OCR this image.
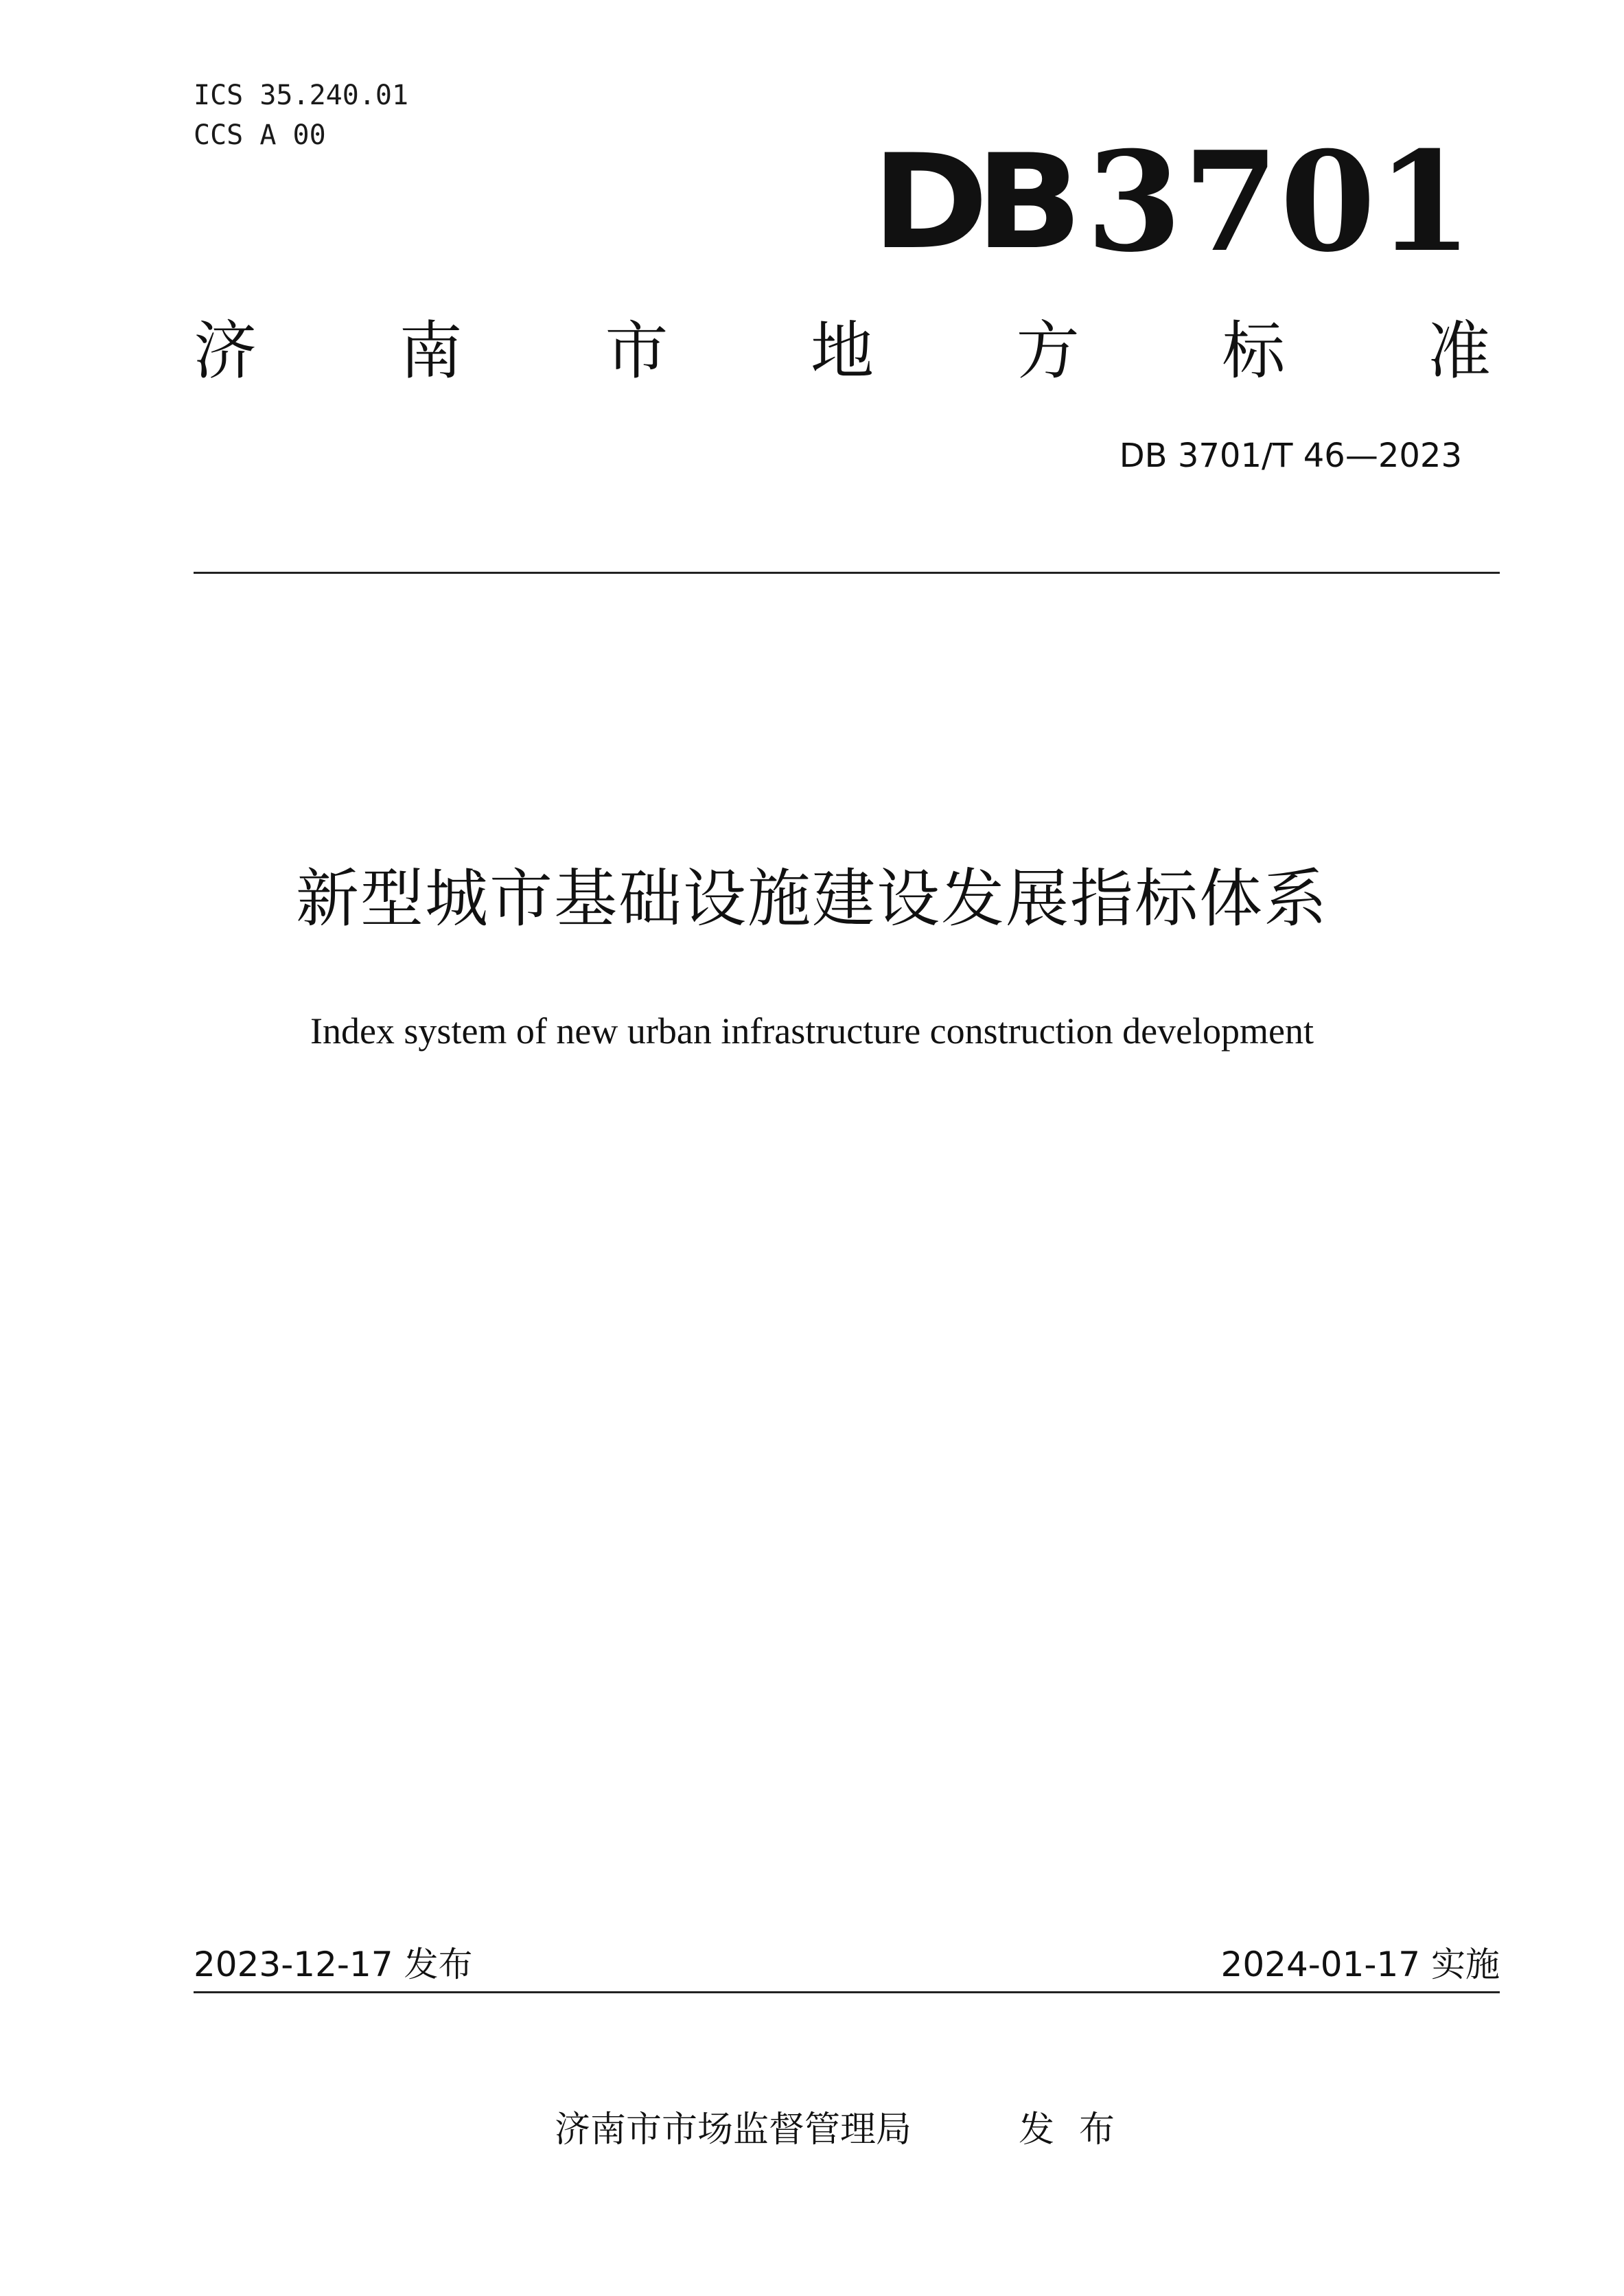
ICS 35.240.01
CCS A 00	DB 3701
济 南 市 地 方 标 准
DB 3701/T 46—2023
新型城市基础设施建设发展指标体系
Index system of new urban infrastructure construction development
2023-12-17 发布	2024-01-17 实施
济南市市场监督管理局	发布
